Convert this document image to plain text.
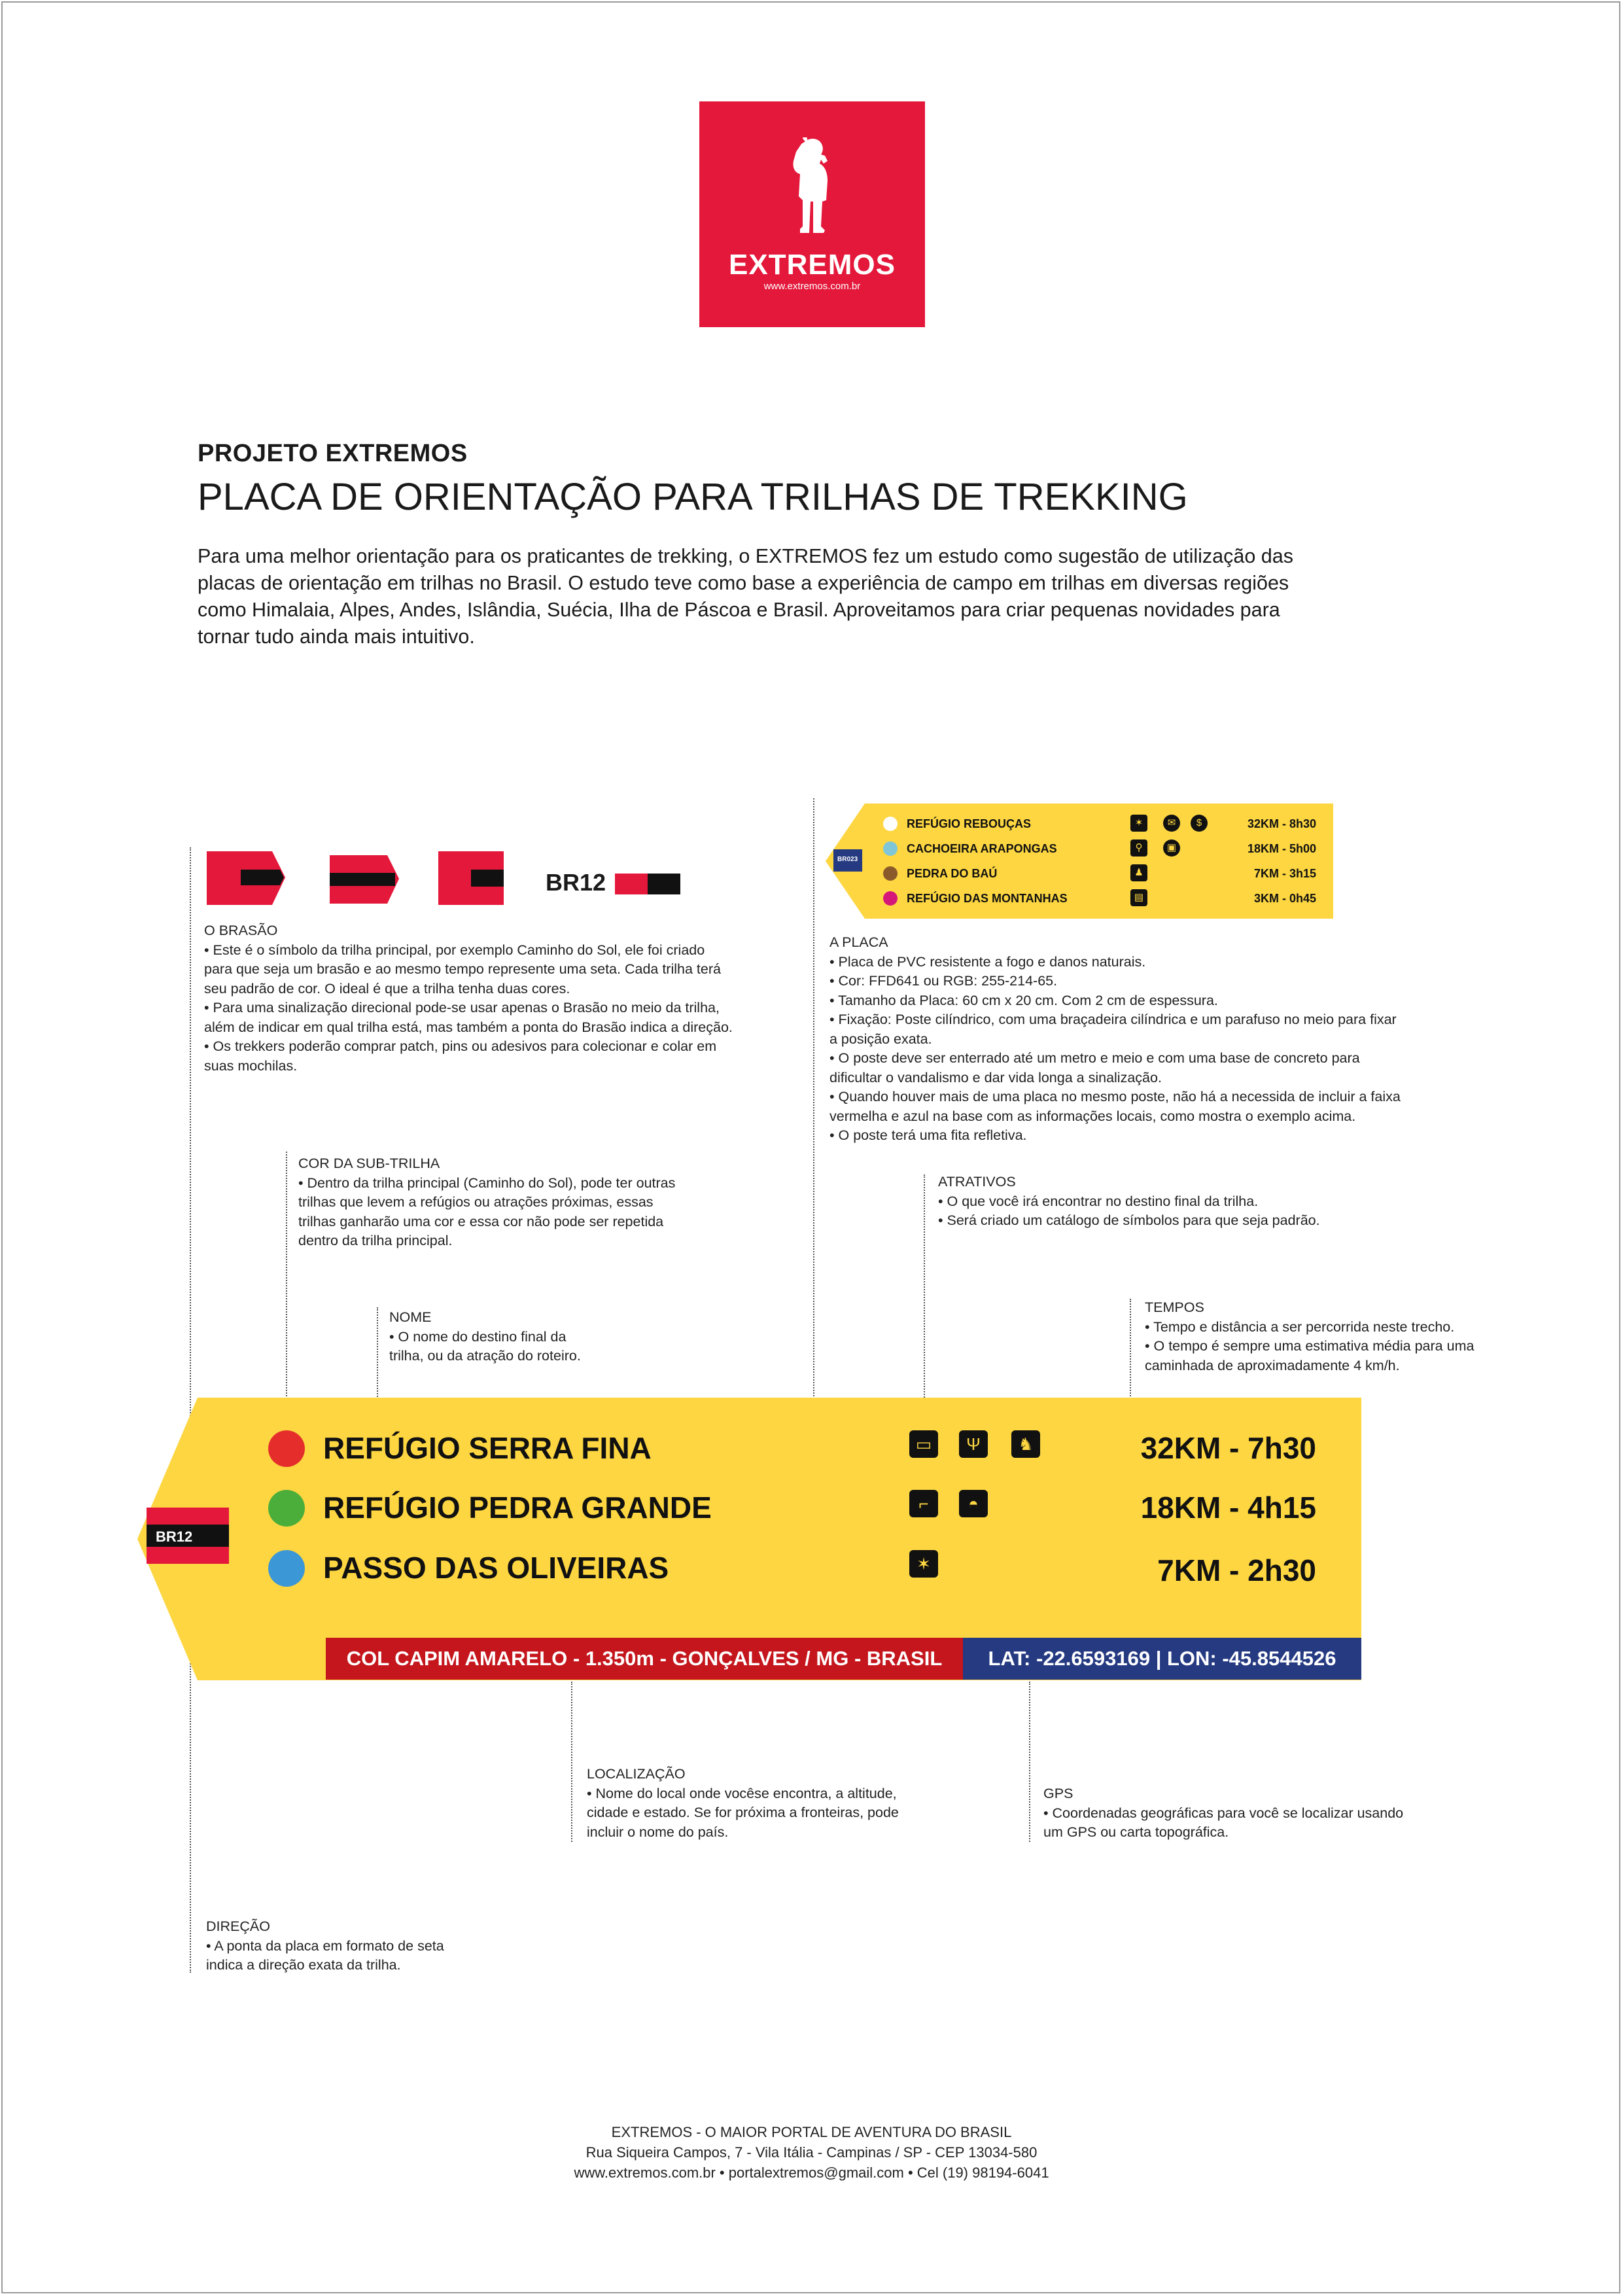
EXTREMOS
www.extremos.com.br
PROJETO EXTREMOS
PLACA DE ORIENTAÇÃO PARA TRILHAS DE TREKKING
Para uma melhor orientação para os praticantes de trekking, o EXTREMOS fez um estudo como sugestão de utilização das placas de orientação em trilhas no Brasil. O estudo teve como base a experiência de campo em trilhas em diversas regiões como Himalaia, Alpes, Andes, Islândia, Suécia, Ilha de Páscoa e Brasil. Aproveitamos para criar pequenas novidades para tornar tudo ainda mais intuitivo.
BR12
BR023
REFÚGIO REBOUÇAS	✶	✉	$	32KM - 8h30
CACHOEIRA ARAPONGAS	⚲	▣	18KM - 5h00
PEDRA DO BAÚ	♟	7KM - 3h15
REFÚGIO DAS MONTANHAS	▤	3KM - 0h45
O BRASÃO
• Este é o símbolo da trilha principal, por exemplo Caminho do Sol, ele foi criado
para que seja um brasão e ao mesmo tempo represente uma seta. Cada trilha terá
seu padrão de cor. O ideal é que a trilha tenha duas cores.
• Para uma sinalização direcional pode-se usar apenas o Brasão no meio da trilha,
além de indicar em qual trilha está, mas também a ponta do Brasão indica a direção.
• Os trekkers poderão comprar patch, pins ou adesivos para colecionar e colar em
suas mochilas.
A PLACA
• Placa de PVC resistente a fogo e danos naturais.
• Cor: FFD641 ou RGB: 255-214-65.
• Tamanho da Placa: 60 cm x 20 cm. Com 2 cm de espessura.
• Fixação: Poste cilíndrico, com uma braçadeira cilíndrica e um parafuso no meio para fixar
a posição exata.
• O poste deve ser enterrado até um metro e meio e com uma base de concreto para
dificultar o vandalismo e dar vida longa a sinalização.
• Quando houver mais de uma placa no mesmo poste, não há a necessida de incluir a faixa
vermelha e azul na base com as informações locais, como mostra o exemplo acima.
• O poste terá uma fita refletiva.
COR DA SUB-TRILHA
• Dentro da trilha principal (Caminho do Sol), pode ter outras
trilhas que levem a refúgios ou atrações próximas, essas
trilhas ganharão uma cor e essa cor não pode ser repetida
dentro da trilha principal.
ATRATIVOS
• O que você irá encontrar no destino final da trilha.
• Será criado um catálogo de símbolos para que seja padrão.
NOME
• O nome do destino final da
trilha, ou da atração do roteiro.
TEMPOS
• Tempo e distância a ser percorrida neste trecho.
• O tempo é sempre uma estimativa média para uma
caminhada de aproximadamente 4 km/h.
BR12
REFÚGIO SERRA FINA	▭	Ψ	♞	32KM - 7h30
REFÚGIO PEDRA GRANDE	⌐	◓	18KM - 4h15
PASSO DAS OLIVEIRAS	✶	7KM - 2h30
COL CAPIM AMARELO - 1.350m - GONÇALVES / MG - BRASIL	LAT: -22.6593169 | LON: -45.8544526
LOCALIZAÇÃO
• Nome do local onde vocêse encontra, a altitude,
cidade e estado. Se for próxima a fronteiras, pode
incluir o nome do país.
GPS
• Coordenadas geográficas para você se localizar usando
um GPS ou carta topográfica.
DIREÇÃO
• A ponta da placa em formato de seta
indica a direção exata da trilha.
EXTREMOS - O MAIOR PORTAL DE AVENTURA DO BRASIL
Rua Siqueira Campos, 7 - Vila Itália - Campinas / SP - CEP 13034-580
www.extremos.com.br • portalextremos@gmail.com • Cel (19) 98194-6041
